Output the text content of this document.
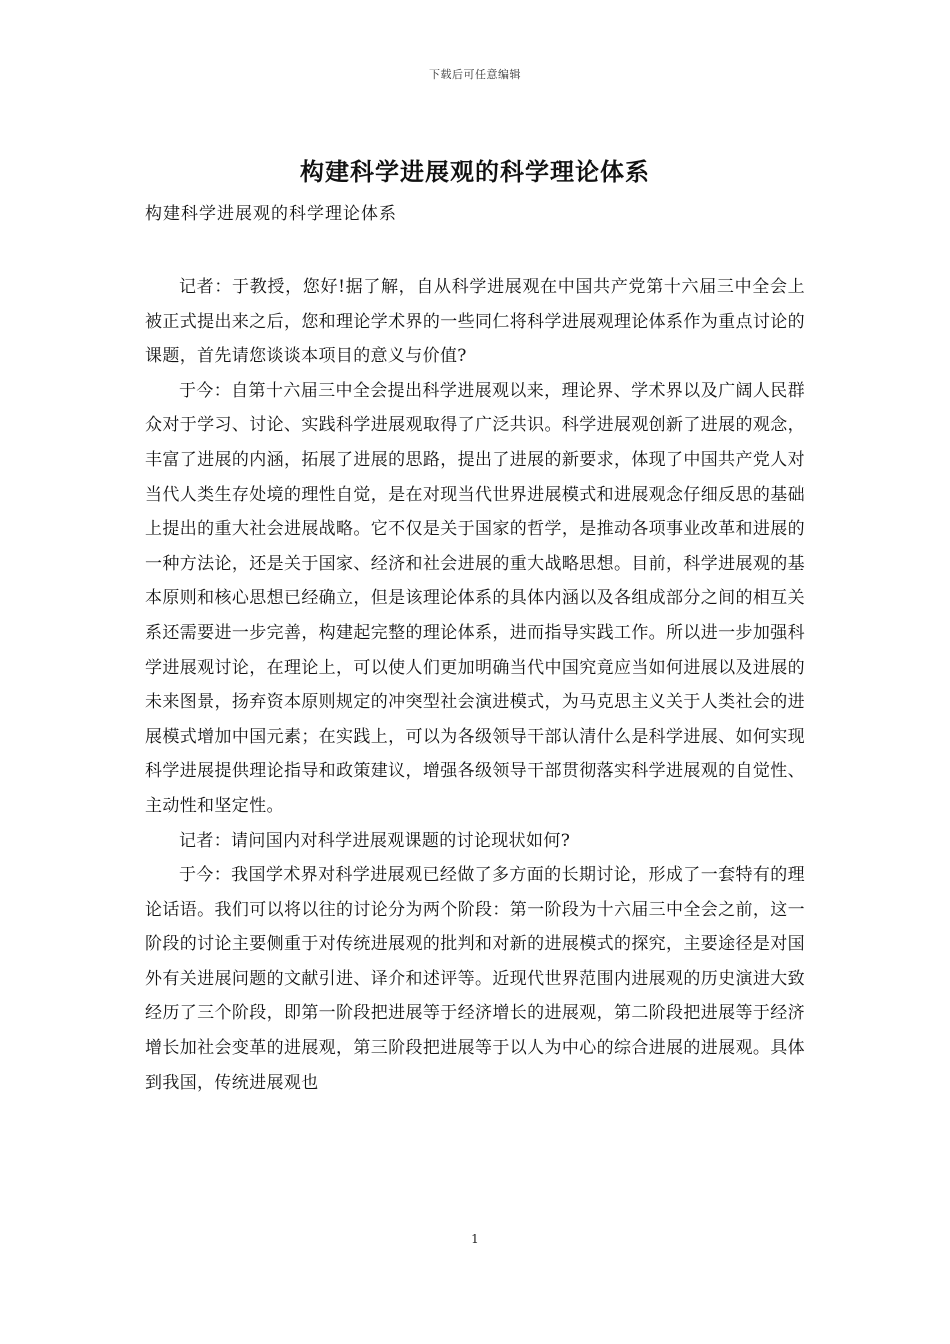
下载后可任意编辑
构建科学进展观的科学理论体系

构建科学进展观的科学理论体系

记者：于教授，您好!据了解，自从科学进展观在中国共产党第十六届三中全会上被正式提出来之后，您和理论学术界的一些同仁将科学进展观理论体系作为重点讨论的课题，首先请您谈谈本项目的意义与价值?

于今：自第十六届三中全会提出科学进展观以来，理论界、学术界以及广阔人民群众对于学习、讨论、实践科学进展观取得了广泛共识。科学进展观创新了进展的观念，丰富了进展的内涵，拓展了进展的思路，提出了进展的新要求，体现了中国共产党人对当代人类生存处境的理性自觉，是在对现当代世界进展模式和进展观念仔细反思的基础上提出的重大社会进展战略。它不仅是关于国家的哲学，是推动各项事业改革和进展的一种方法论，还是关于国家、经济和社会进展的重大战略思想。目前，科学进展观的基本原则和核心思想已经确立，但是该理论体系的具体内涵以及各组成部分之间的相互关系还需要进一步完善，构建起完整的理论体系，进而指导实践工作。所以进一步加强科学进展观讨论，在理论上，可以使人们更加明确当代中国究竟应当如何进展以及进展的未来图景，扬弃资本原则规定的冲突型社会演进模式，为马克思主义关于人类社会的进展模式增加中国元素；在实践上，可以为各级领导干部认清什么是科学进展、如何实现科学进展提供理论指导和政策建议，增强各级领导干部贯彻落实科学进展观的自觉性、主动性和坚定性。

记者：请问国内对科学进展观课题的讨论现状如何?

于今：我国学术界对科学进展观已经做了多方面的长期讨论，形成了一套特有的理论话语。我们可以将以往的讨论分为两个阶段：第一阶段为十六届三中全会之前，这一阶段的讨论主要侧重于对传统进展观的批判和对新的进展模式的探究，主要途径是对国外有关进展问题的文献引进、译介和述评等。近现代世界范围内进展观的历史演进大致经历了三个阶段，即第一阶段把进展等于经济增长的进展观，第二阶段把进展等于经济增长加社会变革的进展观，第三阶段把进展等于以人为中心的综合进展的进展观。具体到我国，传统进展观也

1
